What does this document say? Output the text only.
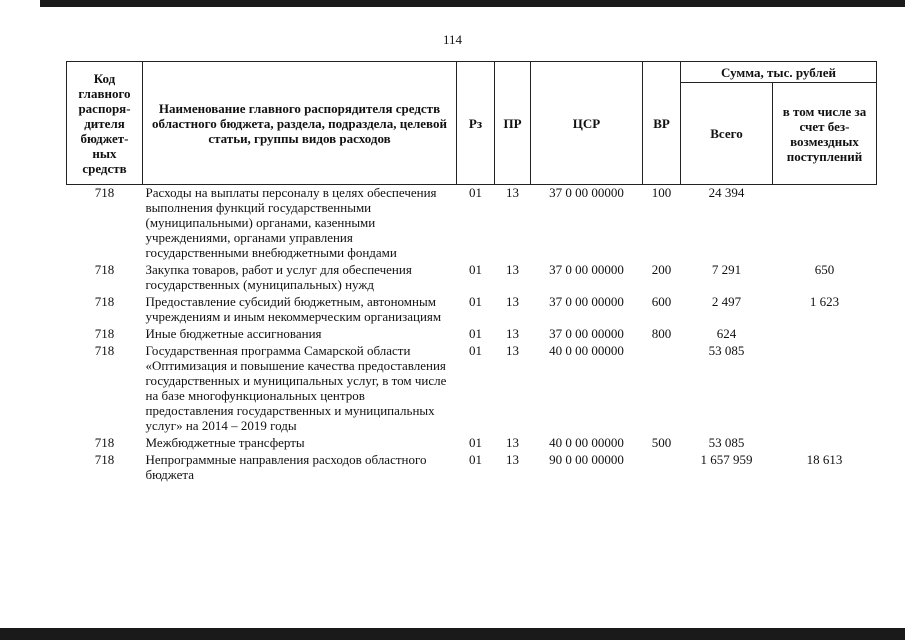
114
Код главного распоря- дителя бюджет- ных средств	Наименование главного распорядителя средств областного бюджета, раздела, подраздела, целевой статьи, группы видов расходов	Рз	ПР	ЦСР	ВР	Сумма, тыс. рублей	
						Всего	в том числе за счет без- возмездных поступлений
718	Расходы на выплаты персоналу в целях обеспечения выполнения функций государственными (муниципальными) органами, казенными учреждениями, органами управления государственными внебюджетными фондами	01	13	37 0 00 00000	100	24 394	
718	Закупка товаров, работ и услуг для обеспечения государственных (муниципальных) нужд	01	13	37 0 00 00000	200	7 291	650
718	Предоставление субсидий бюджетным, автономным учреждениям и иным некоммерческим организациям	01	13	37 0 00 00000	600	2 497	1 623
718	Иные бюджетные ассигнования	01	13	37 0 00 00000	800	624	
718	Государственная программа Самарской области «Оптимизация и повышение качества предоставления государственных и муниципальных услуг, в том числе на базе многофункциональных центров предоставления государственных и муниципальных услуг» на 2014 – 2019 годы	01	13	40 0 00 00000		53 085	
718	Межбюджетные трансферты	01	13	40 0 00 00000	500	53 085	
718	Непрограммные направления расходов областного бюджета	01	13	90 0 00 00000		1 657 959	18 613
